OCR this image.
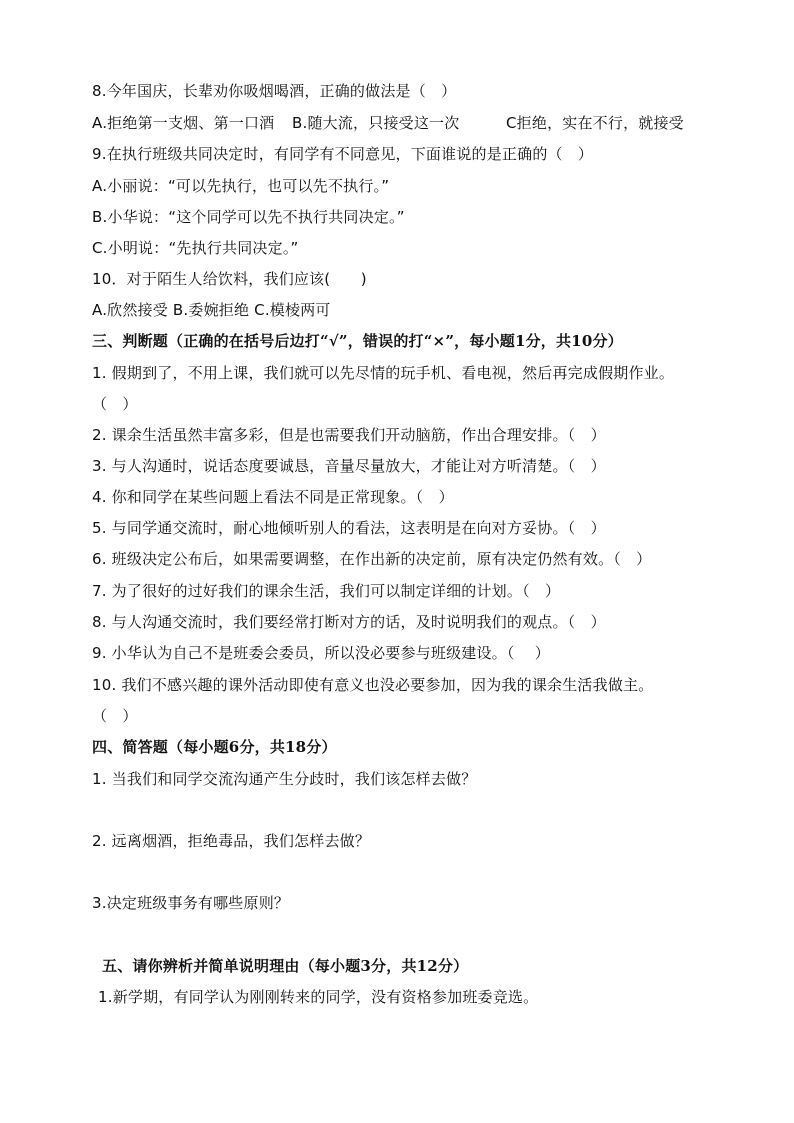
8.今年国庆，长辈劝你吸烟喝酒，正确的做法是（　）
A.拒绝第一支烟、第一口酒 B.随大流，只接受这一次	C拒绝，实在不行，就接受
9.在执行班级共同决定时，有同学有不同意见，下面谁说的是正确的（　）
A.小丽说：“可以先执行，也可以先不执行。”
B.小华说：“这个同学可以先不执行共同决定。”
C.小明说：“先执行共同决定。”
10．对于陌生人给饮料，我们应该(　　)
A.欣然接受 B.委婉拒绝 C.模棱两可
三、判断题（正确的在括号后边打“√”，错误的打“×”，每小题1分，共10分）
1. 假期到了，不用上课，我们就可以先尽情的玩手机、看电视，然后再完成假期作业。
（　）
2. 课余生活虽然丰富多彩，但是也需要我们开动脑筋，作出合理安排。（　）
3. 与人沟通时，说话态度要诚恳，音量尽量放大，才能让对方听清楚。（　）
4. 你和同学在某些问题上看法不同是正常现象。（　）
5. 与同学通交流时，耐心地倾听别人的看法，这表明是在向对方妥协。（　）
6. 班级决定公布后，如果需要调整，在作出新的决定前，原有决定仍然有效。（　）
7. 为了很好的过好我们的课余生活，我们可以制定详细的计划。（　）
8. 与人沟通交流时，我们要经常打断对方的话，及时说明我们的观点。（　）
9. 小华认为自己不是班委会委员，所以没必要参与班级建设。（　 ）
10. 我们不感兴趣的课外活动即使有意义也没必要参加，因为我的课余生活我做主。
（　）
四、简答题（每小题6分，共18分）
1. 当我们和同学交流沟通产生分歧时，我们该怎样去做？
2. 远离烟酒，拒绝毒品，我们怎样去做？
3.决定班级事务有哪些原则？
五、请你辨析并简单说明理由（每小题3分，共12分）
1.新学期，有同学认为刚刚转来的同学，没有资格参加班委竞选。
